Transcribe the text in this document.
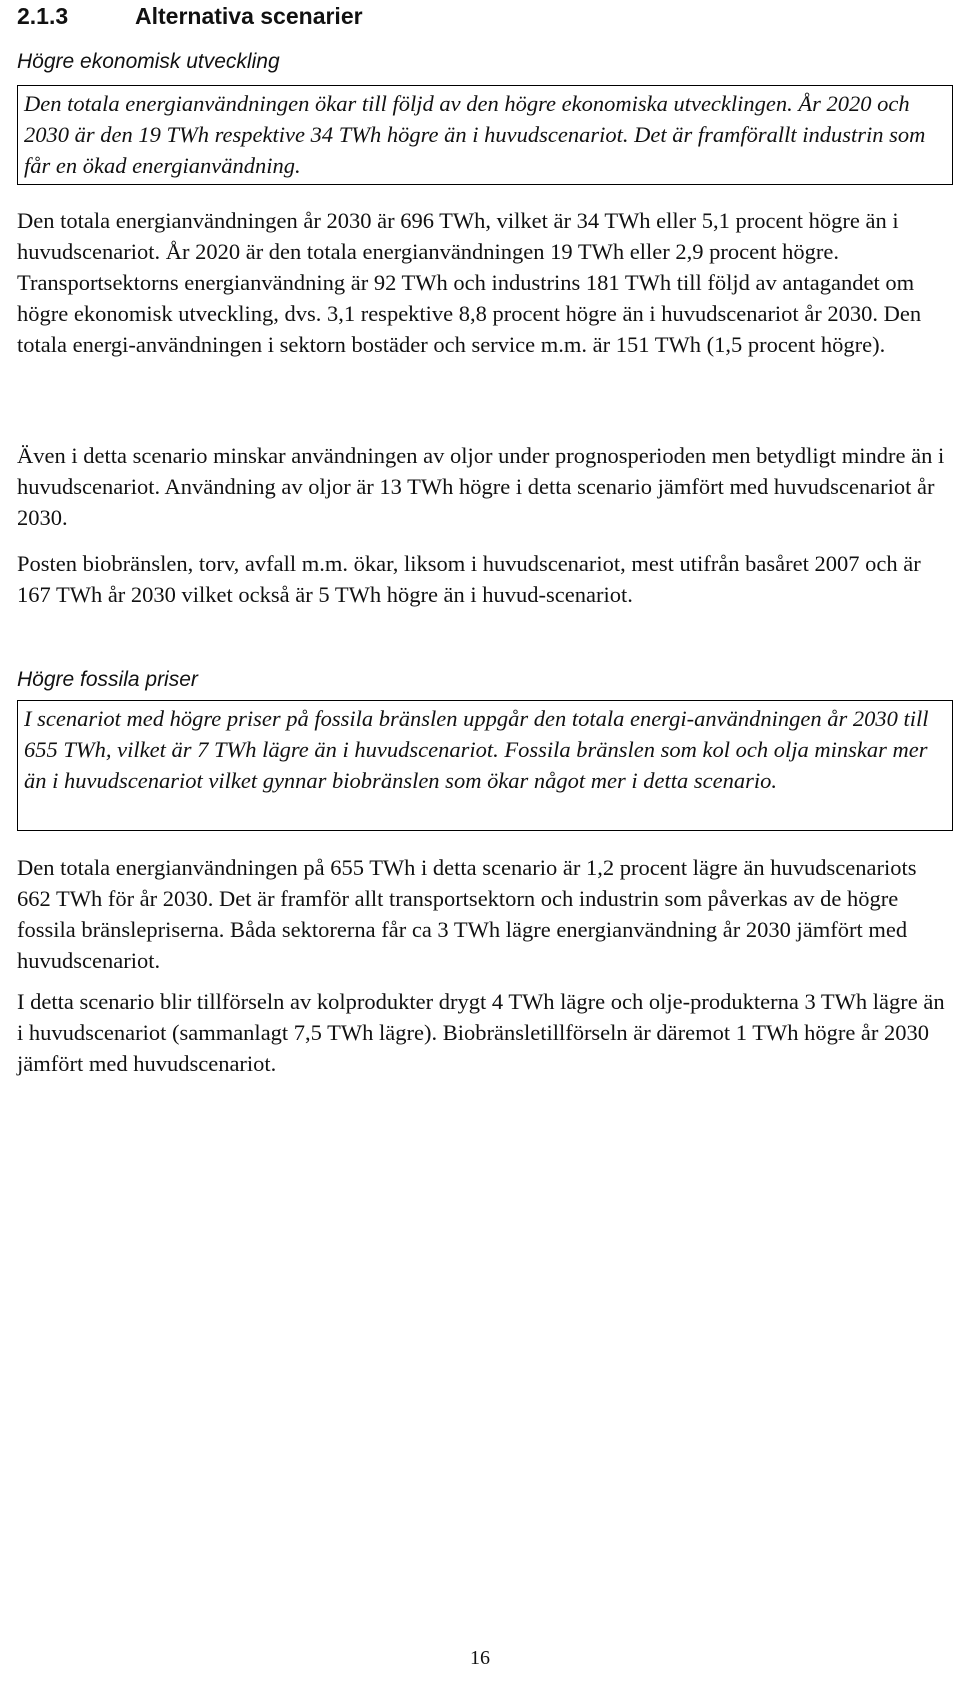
2.1.3	Alternativa scenarier
Högre ekonomisk utveckling

Den totala energianvändningen ökar till följd av den högre ekonomiska utvecklingen. År 2020 och 2030 är den 19 TWh respektive 34 TWh högre än i huvudscenariot. Det är framförallt industrin som får en ökad energianvändning.

Den totala energianvändningen år 2030 är 696 TWh, vilket är 34 TWh eller 5,1 procent högre än i huvudscenariot. År 2020 är den totala energianvändningen 19 TWh eller 2,9 procent högre. Transportsektorns energianvändning är 92 TWh och industrins 181 TWh till följd av antagandet om högre ekonomisk utveckling, dvs. 3,1 respektive 8,8 procent högre än i huvudscenariot år 2030. Den totala energi-användningen i sektorn bostäder och service m.m. är 151 TWh (1,5 procent högre).

Även i detta scenario minskar användningen av oljor under prognosperioden men betydligt mindre än i huvudscenariot. Användning av oljor är 13 TWh högre i detta scenario jämfört med huvudscenariot år 2030.

Posten biobränslen, torv, avfall m.m. ökar, liksom i huvudscenariot, mest utifrån basåret 2007 och är 167 TWh år 2030 vilket också är 5 TWh högre än i huvud-scenariot.

Högre fossila priser

I scenariot med högre priser på fossila bränslen uppgår den totala energi-användningen år 2030 till 655 TWh, vilket är 7 TWh lägre än i huvudscenariot. Fossila bränslen som kol och olja minskar mer än i huvudscenariot vilket gynnar biobränslen som ökar något mer i detta scenario.

Den totala energianvändningen på 655 TWh i detta scenario är 1,2 procent lägre än huvudscenariots 662 TWh för år 2030. Det är framför allt transportsektorn och industrin som påverkas av de högre fossila bränslepriserna. Båda sektorerna får ca 3 TWh lägre energianvändning år 2030 jämfört med huvudscenariot.

I detta scenario blir tillförseln av kolprodukter drygt 4 TWh lägre och olje-produkterna 3 TWh lägre än i huvudscenariot (sammanlagt 7,5 TWh lägre). Biobränsletillförseln är däremot 1 TWh högre år 2030 jämfört med huvudscenariot.

16
